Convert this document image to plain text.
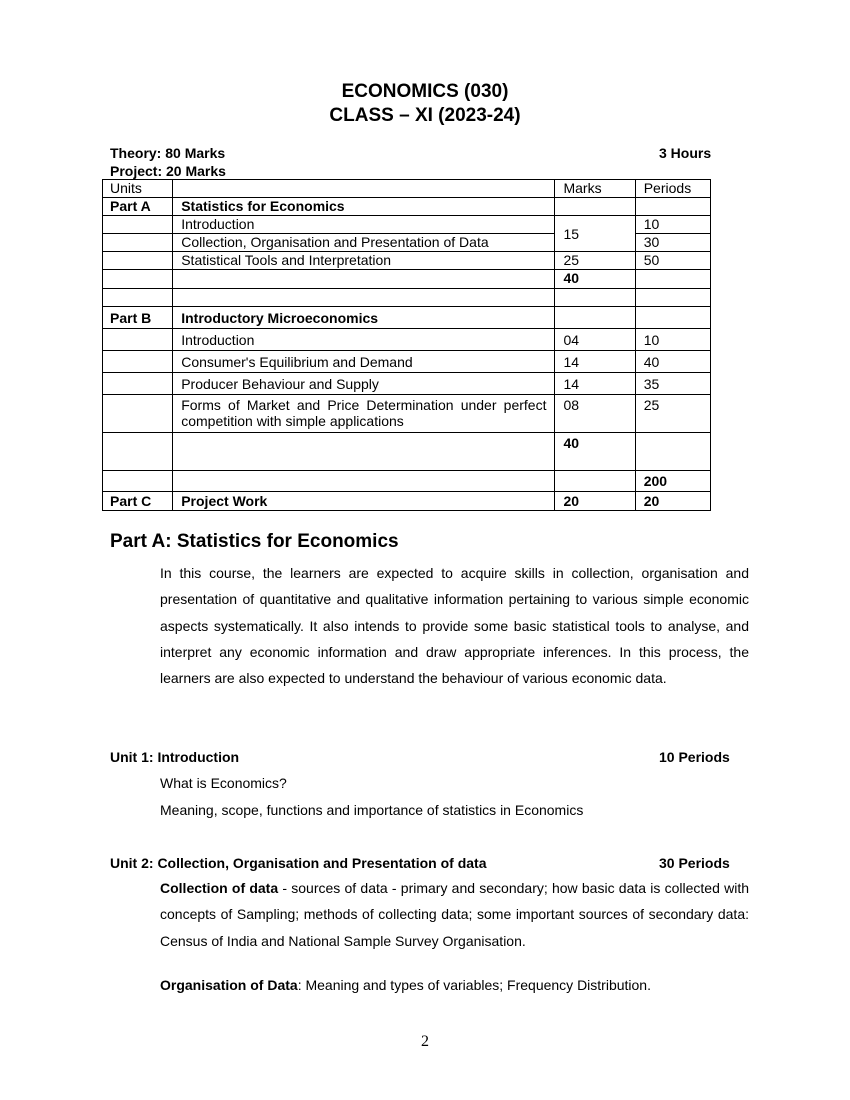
ECONOMICS (030)
CLASS – XI (2023-24)
Theory: 80 Marks	3 Hours
Project: 20 Marks
Units		Marks	Periods
Part A	Statistics for Economics		
	Introduction	15	10
	Collection, Organisation and Presentation of Data		30
	Statistical Tools and Interpretation	25	50
		40	

Part B	Introductory Microeconomics		
	Introduction	04	10
	Consumer's Equilibrium and Demand	14	40
	Producer Behaviour and Supply	14	35
	Forms of Market and Price Determination under perfect competition with simple applications	08	25
		40	
			200
Part C	Project Work	20	20
Part A: Statistics for Economics
In this course, the learners are expected to acquire skills in collection, organisation and presentation of quantitative and qualitative information pertaining to various simple economic aspects systematically. It also intends to provide some basic statistical tools to analyse, and interpret any economic information and draw appropriate inferences. In this process, the learners are also expected to understand the behaviour of various economic data.
Unit 1: Introduction	10 Periods
What is Economics?
Meaning, scope, functions and importance of statistics in Economics
Unit 2: Collection, Organisation and Presentation of data	30 Periods
Collection of data - sources of data - primary and secondary; how basic data is collected with concepts of Sampling; methods of collecting data; some important sources of secondary data: Census of India and National Sample Survey Organisation.
Organisation of Data: Meaning and types of variables; Frequency Distribution.
2
